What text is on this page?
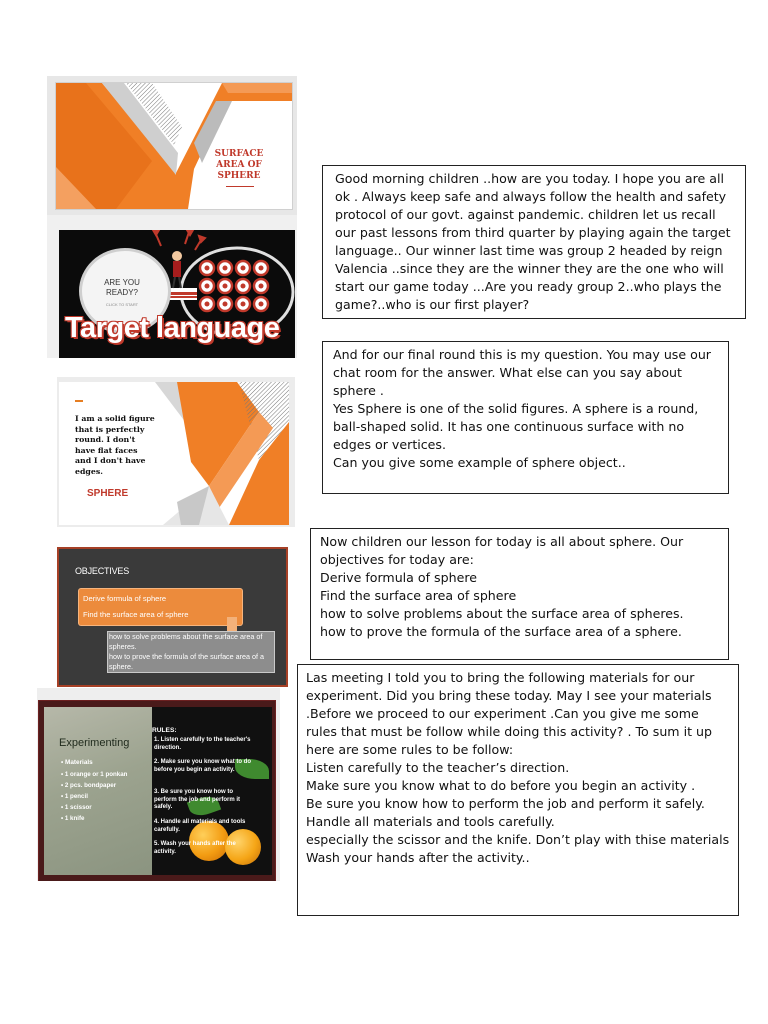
SURFACE
AREA OF
SPHERE
ARE YOU
READY?
CLICK TO START
Target language
I am a solid figure that is perfectly round. I don't have flat faces and I don't have edges.
SPHERE
OBJECTIVES
Derive formula of sphere
Find the surface area of sphere
how to solve problems about the surface area of spheres.
how to prove the formula of the surface area of a sphere.
Experimenting
• Materials
• 1 orange or 1 ponkan
• 2 pcs. bondpaper
• 1 pencil
• 1 scissor
• 1 knife
RULES:
1. Listen carefully to the teacher's direction.
2. Make sure you know what to do before you begin an activity.
3. Be sure you know how to perform the job and perform it safely.
4. Handle all materials and tools carefully.
5. Wash your hands after the activity.

Good morning children ..how are you today. I hope you are all ok . Always keep safe and always follow the health and safety protocol of our govt. against pandemic. children let us recall our past lessons from third quarter by playing again the target language.. Our winner last time was group 2 headed by reign Valencia ..since they are the winner they are the one who will start our game today ...Are you ready group 2..who plays the game?..who is our first player?

And for our final round this is my question. You may use our chat room for the answer. What else can you say about sphere .

Yes Sphere is one of the solid figures. A sphere is a round, ball-shaped solid. It has one continuous surface with no edges or vertices.

Can you give some example of sphere object..

Now children our lesson for today is all about sphere. Our objectives for today are:

Derive formula of sphere

Find the surface area of sphere

how to solve problems about the surface area of spheres.

how to prove the formula of the surface area of a sphere.

Las meeting I told you to bring the following materials for our experiment. Did you bring these today. May I see your materials .Before we proceed to our experiment .Can you give me some rules that must be follow while doing this activity? . To sum it up here are some rules to be follow:

Listen carefully to the teacher’s direction.

Make sure you know what to do before you begin an activity .

Be sure you know how to perform the job and perform it safely.

Handle all materials and tools carefully.

especially the scissor and the knife. Don’t play with thise materials

Wash your hands after the activity..
